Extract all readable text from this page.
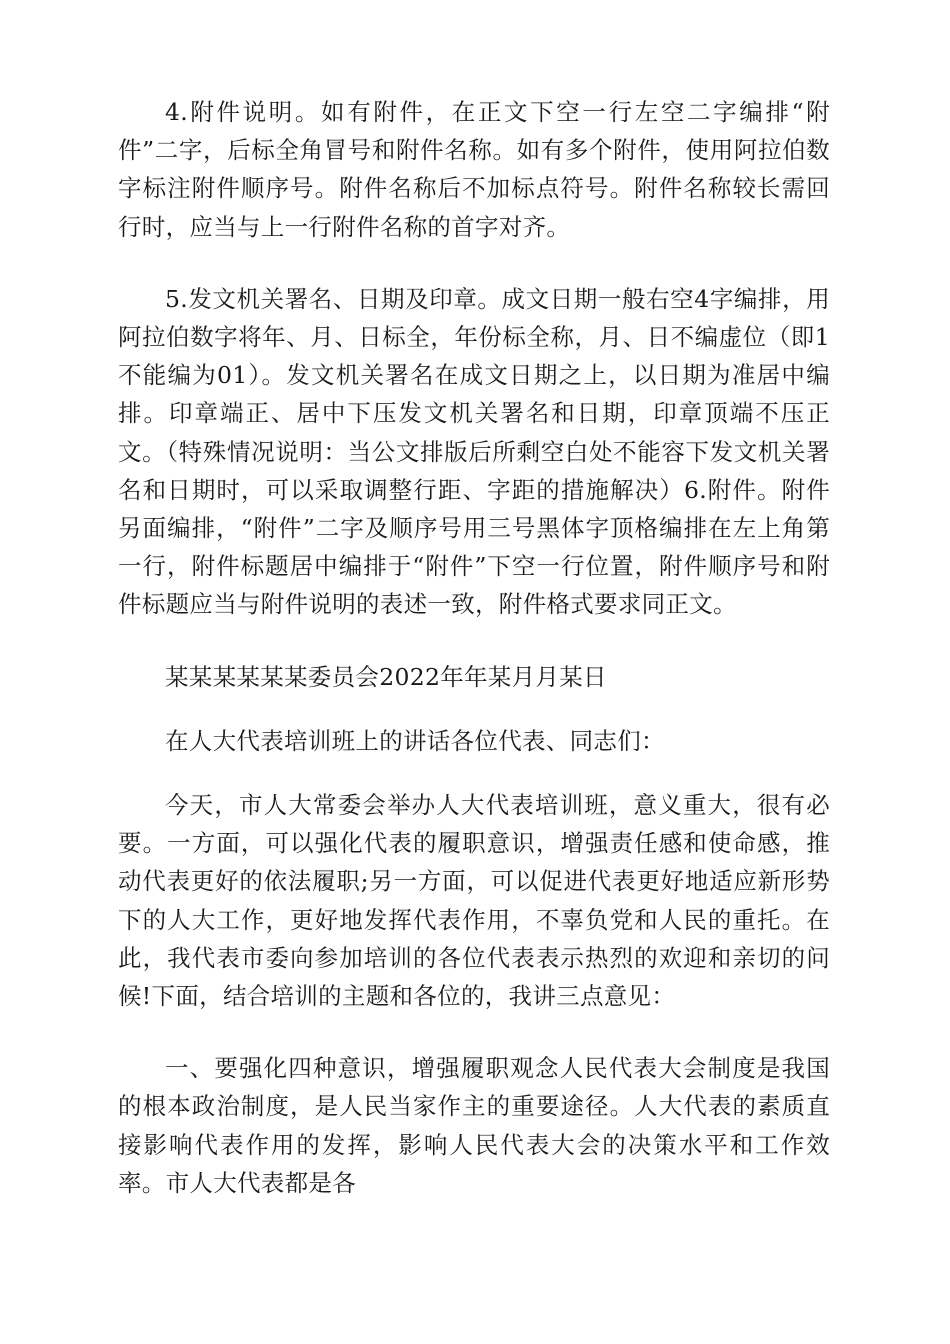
4.附件说明。如有附件，在正文下空一行左空二字编排“附件”二字，后标全角冒号和附件名称。如有多个附件，使用阿拉伯数字标注附件顺序号。附件名称后不加标点符号。附件名称较长需回行时，应当与上一行附件名称的首字对齐。

5.发文机关署名、日期及印章。成文日期一般右空4字编排，用阿拉伯数字将年、月、日标全，年份标全称，月、日不编虚位（即1不能编为01）。发文机关署名在成文日期之上，以日期为准居中编排。印章端正、居中下压发文机关署名和日期，印章顶端不压正文。（特殊情况说明：当公文排版后所剩空白处不能容下发文机关署名和日期时，可以采取调整行距、字距的措施解决）6.附件。附件另面编排，“附件”二字及顺序号用三号黑体字顶格编排在左上角第一行，附件标题居中编排于“附件”下空一行位置，附件顺序号和附件标题应当与附件说明的表述一致，附件格式要求同正文。

某某某某某某委员会2022年年某月月某日

在人大代表培训班上的讲话各位代表、同志们：

今天，市人大常委会举办人大代表培训班，意义重大，很有必要。一方面，可以强化代表的履职意识，增强责任感和使命感，推动代表更好的依法履职;另一方面，可以促进代表更好地适应新形势下的人大工作，更好地发挥代表作用，不辜负党和人民的重托。在此，我代表市委向参加培训的各位代表表示热烈的欢迎和亲切的问候!下面，结合培训的主题和各位的，我讲三点意见：

一、要强化四种意识，增强履职观念人民代表大会制度是我国的根本政治制度，是人民当家作主的重要途径。人大代表的素质直接影响代表作用的发挥，影响人民代表大会的决策水平和工作效率。市人大代表都是各
